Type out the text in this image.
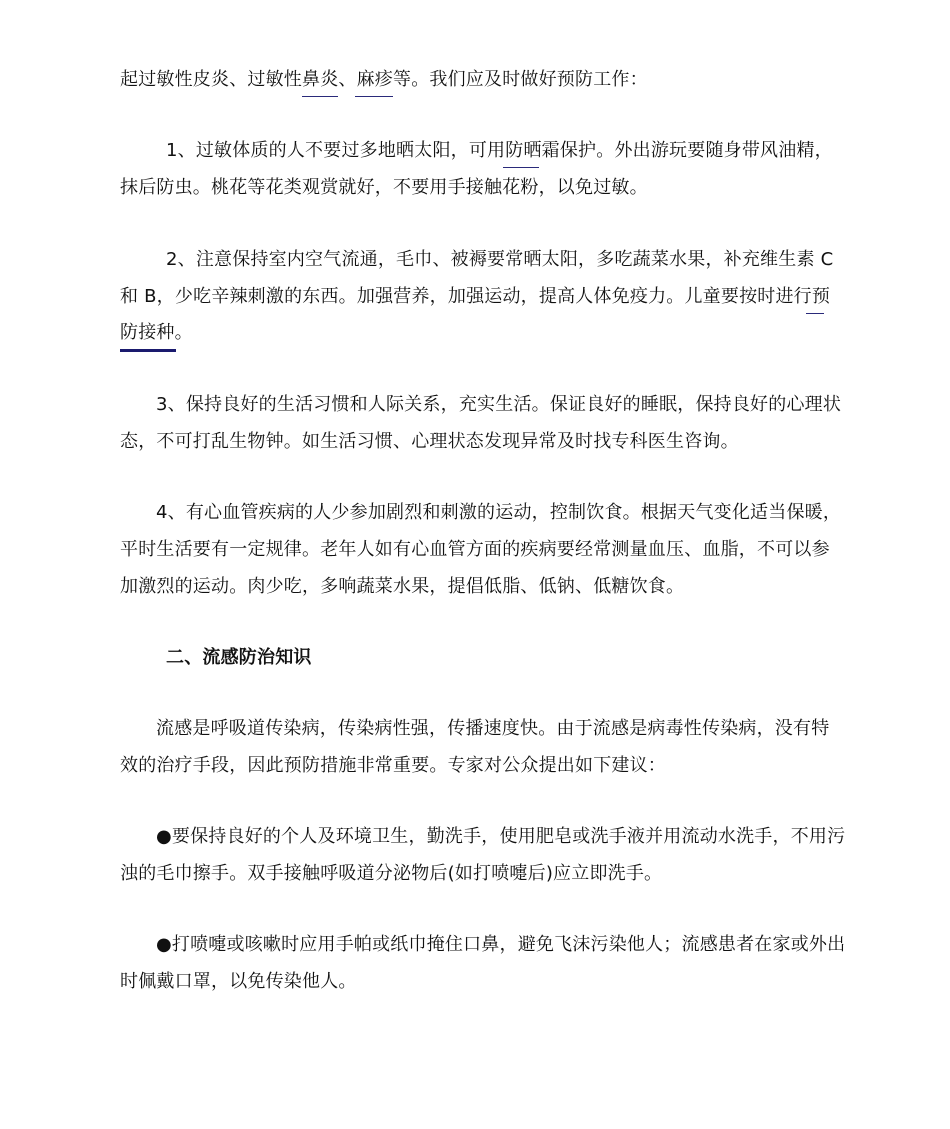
起过敏性皮炎、过敏性鼻炎、麻疹等。我们应及时做好预防工作：
1、过敏体质的人不要过多地晒太阳，可用防晒霜保护。外出游玩要随身带风油精，
抹后防虫。桃花等花类观赏就好，不要用手接触花粉，以免过敏。
2、注意保持室内空气流通，毛巾、被褥要常晒太阳，多吃蔬菜水果，补充维生素 C
和 B，少吃辛辣刺激的东西。加强营养，加强运动，提高人体免疫力。儿童要按时进行预
防接种。
3、保持良好的生活习惯和人际关系，充实生活。保证良好的睡眠，保持良好的心理状
态，不可打乱生物钟。如生活习惯、心理状态发现异常及时找专科医生咨询。
4、有心血管疾病的人少参加剧烈和刺激的运动，控制饮食。根据天气变化适当保暖，
平时生活要有一定规律。老年人如有心血管方面的疾病要经常测量血压、血脂，不可以参
加激烈的运动。肉少吃，多响蔬菜水果，提倡低脂、低钠、低糖饮食。
二、流感防治知识
流感是呼吸道传染病，传染病性强，传播速度快。由于流感是病毒性传染病，没有特
效的治疗手段，因此预防措施非常重要。专家对公众提出如下建议：
●要保持良好的个人及环境卫生，勤洗手，使用肥皂或洗手液并用流动水洗手，不用污
浊的毛巾擦手。双手接触呼吸道分泌物后(如打喷嚏后)应立即洗手。
●打喷嚏或咳嗽时应用手帕或纸巾掩住口鼻，避免飞沫污染他人；流感患者在家或外出
时佩戴口罩，以免传染他人。
